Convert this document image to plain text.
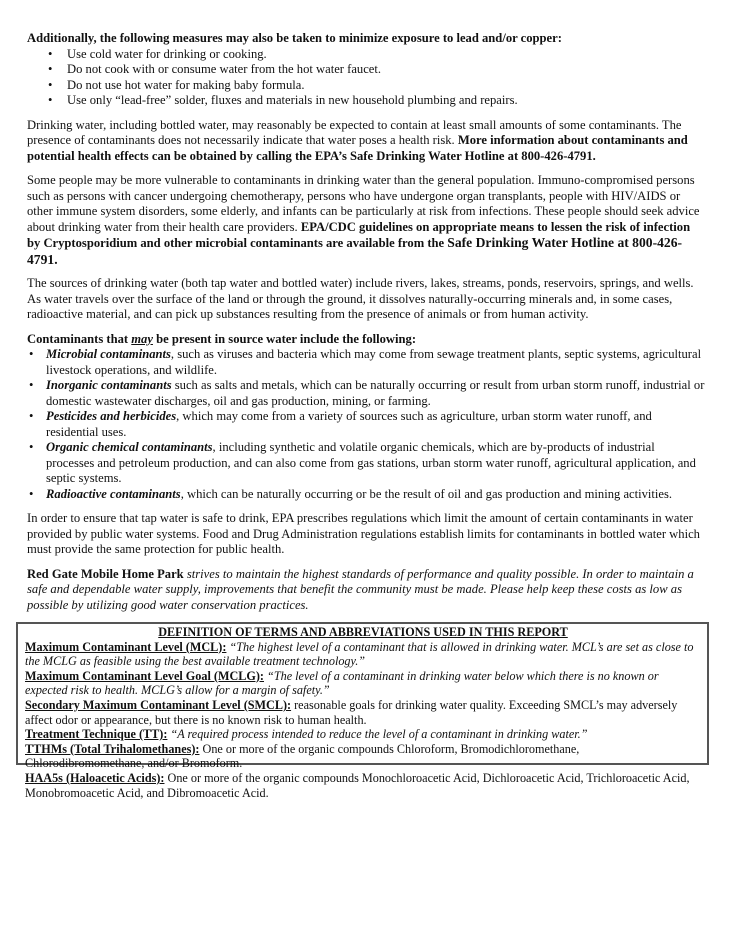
Additionally, the following measures may also be taken to minimize exposure to lead and/or copper:

• Use cold water for drinking or cooking.
• Do not cook with or consume water from the hot water faucet.
• Do not use hot water for making baby formula.
• Use only “lead-free” solder, fluxes and materials in new household plumbing and repairs.

Drinking water, including bottled water, may reasonably be expected to contain at least small amounts of some contaminants. The presence of contaminants does not necessarily indicate that water poses a health risk. More information about contaminants and potential health effects can be obtained by calling the EPA’s Safe Drinking Water Hotline at 800-426-4791.

Some people may be more vulnerable to contaminants in drinking water than the general population. Immuno-compromised persons such as persons with cancer undergoing chemotherapy, persons who have undergone organ transplants, people with HIV/AIDS or other immune system disorders, some elderly, and infants can be particularly at risk from infections. These people should seek advice about drinking water from their health care providers. EPA/CDC guidelines on appropriate means to lessen the risk of infection by Cryptosporidium and other microbial contaminants are available from the Safe Drinking Water Hotline at 800-426-4791.

The sources of drinking water (both tap water and bottled water) include rivers, lakes, streams, ponds, reservoirs, springs, and wells. As water travels over the surface of the land or through the ground, it dissolves naturally-occurring minerals and, in some cases, radioactive material, and can pick up substances resulting from the presence of animals or from human activity.

Contaminants that may be present in source water include the following:

• Microbial contaminants, such as viruses and bacteria which may come from sewage treatment plants, septic systems, agricultural livestock operations, and wildlife.
• Inorganic contaminants such as salts and metals, which can be naturally occurring or result from urban storm runoff, industrial or domestic wastewater discharges, oil and gas production, mining, or farming.
• Pesticides and herbicides, which may come from a variety of sources such as agriculture, urban storm water runoff, and residential uses.
• Organic chemical contaminants, including synthetic and volatile organic chemicals, which are by-products of industrial processes and petroleum production, and can also come from gas stations, urban storm water runoff, agricultural application, and septic systems.
• Radioactive contaminants, which can be naturally occurring or be the result of oil and gas production and mining activities.

In order to ensure that tap water is safe to drink, EPA prescribes regulations which limit the amount of certain contaminants in water provided by public water systems. Food and Drug Administration regulations establish limits for contaminants in bottled water which must provide the same protection for public health.

Red Gate Mobile Home Park strives to maintain the highest standards of performance and quality possible. In order to maintain a safe and dependable water supply, improvements that benefit the community must be made. Please help keep these costs as low as possible by utilizing good water conservation practices.

DEFINITION OF TERMS AND ABBREVIATIONS USED IN THIS REPORT
Maximum Contaminant Level (MCL): “The highest level of a contaminant that is allowed in drinking water. MCL’s are set as close to the MCLG as feasible using the best available treatment technology.”
Maximum Contaminant Level Goal (MCLG): “The level of a contaminant in drinking water below which there is no known or expected risk to health. MCLG’s allow for a margin of safety.”
Secondary Maximum Contaminant Level (SMCL): reasonable goals for drinking water quality. Exceeding SMCL’s may adversely affect odor or appearance, but there is no known risk to human health.
Treatment Technique (TT): “A required process intended to reduce the level of a contaminant in drinking water.”
TTHMs (Total Trihalomethanes): One or more of the organic compounds Chloroform, Bromodichloromethane, Chlorodibromomethane, and/or Bromoform.
HAA5s (Haloacetic Acids): One or more of the organic compounds Monochloroacetic Acid, Dichloroacetic Acid, Trichloroacetic Acid, Monobromoacetic Acid, and Dibromoacetic Acid.
